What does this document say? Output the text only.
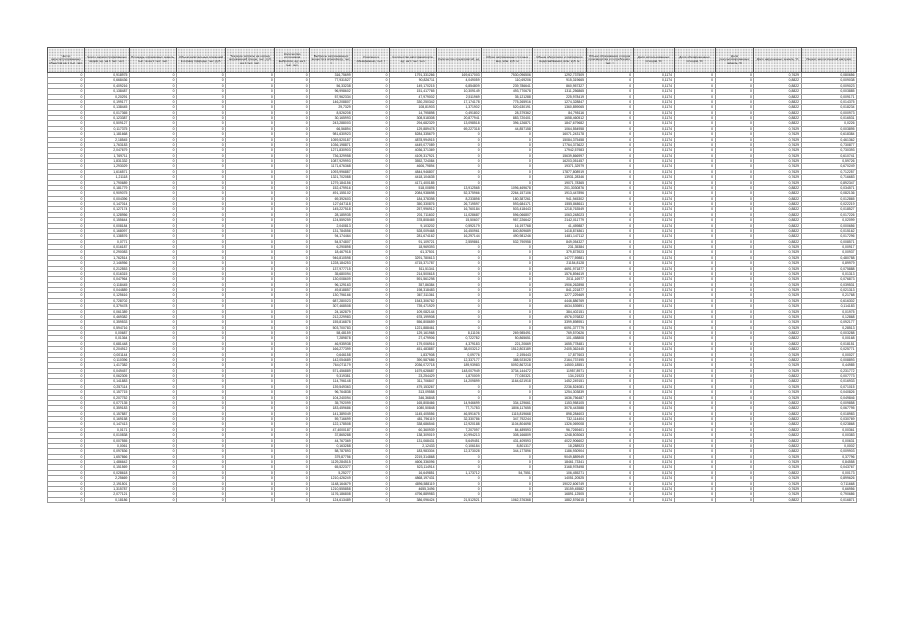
Число зарегистрированных объектов на 1 тыс. чел.	Число зарегистрированных видов, ед. на 1 тыс. чел.	Площадь охраняемых земель, тыс. га на 1 тыс. чел.	Объем капитальных вложений в охрану природы, тыс. руб.	Текущие затраты на охрану окружающей среды, тыс. руб. на 1 тыс. чел.	Количество источников выбросов, ед. на 1 тыс. чел.	Выбросы загрязняющих веществ в атмосферу, тыс. т	Уловлено и обезврежено, тыс. т	Количество автотранспорта, ед. на 1 тыс. чел.	Количество предприятий, ед.	Сброс загрязненных сточных вод, млн. куб. м	Объем оборотного и повторного водоснабжения, млн. куб. м	Объем образования отходов производства и потребления, тыс. т	Доля использованных отходов, %	Доля обезвреженных отходов, %	Доля рекультивированных земель, %	Доля нарушенных земель, %	Индекс экологической нагрузки
0	0,918975	0	0	0	0	316,75699	0	1791,331266	169,617003	7530,096506	1292,737509	0	0,1174	0	0	0,7629	0,080656
0	0,668436	0	0	0	0	77,931527	0	90,826711	4,049059	110,69206	915,319665	0	0,1174	0	0	0,8822	0,009038
0	0,409216	0	0	0	0	56,33238	0	149,170215	6,854809	239,786641	860,957327	0	0,1174	0	0	0,8822	0,009023
0	0,138487	0	0	0	0	96,998602	0	151,417765	10,309149	493,770678	1311,256865	0	0,1174	0	0	0,8822	0,003885
0	0,20291	0	0	0	0	57,962334	0	47,979002	2,511969	35,121288	225,978419	0	0,1174	0	0	0,8822	0,009171
0	0,199177	0	0	0	0	146,208807	0	330,250342	17,174178	775,265916	1274,328847	0	0,1174	0	0	0,8822	0,014375
0	0,138445	0	0	0	0	29,7329	0	108,81903	1,371902	520,630191	1360,859065	0	0,1174	0	0	0,8822	0,018234
0	0,017365	0	0	0	0	8,526208	0	14,795898	0,491802	28,379362	84,795116	0	0,1174	0	0	0,8822	0,000973
0	0,123387	0	0	0	0	30,165993	0	308,518308	20,877941	883,720401	1658,460512	0	0,1174	0	0	0,8822	0,016531
0	0,509127	0	0	0	0	243,288003	0	294,682329	13,098518	396,126871	1847,679682	0	0,1174	0	0	0,8822	0,0226
0	0,117375	0	0	0	0	66,56894	0	129,889478	69,227318	44,857158	1064,554958	0	0,1174	0	0	0,7629	0,003895
0	1,181668	0	0	0	0	981,630923	0	5284,335679	0	0	16071,243178	0	0,1174	0	0	0,7629	0,618384
0	2,18545	0	0	0	0	1059,520187	0	4878,994915	0	0	15084,375458	0	0,1174	0	0	0,7629	0,461362
0	1,763183	0	0	0	0	1036,198871	0	4449,077089	0	0	17764,373622	0	0,1174	0	0	0,7629	0,730877
0	2,047679	0	0	0	0	1271,830903	0	4036,371369	0	0	17942,57983	0	0,1174	0	0	0,7629	0,730393
0	1,769711	0	0	0	0	736,329958	0	4109,317921	0	0	15639,866997	0	0,1174	0	0	0,7629	0,610741
0	1,831332	0	0	0	0	1087,929993	0	3552,724084	0	0	16203,051457	0	0,1174	0	0	0,7629	0,59726
0	1,293029	0	0	0	0	1171,676368	0	4606,79894	0	0	19371,32979	0	0,1174	0	0	0,7629	0,670249
0	1,616571	0	0	0	0	1093,996887	0	4844,946807	0	0	17877,808919	0	0,1174	0	0	0,7629	0,712257
0	1,21118	0	0	0	0	1321,702088	0	4418,104635	0	0	13931,28346	0	0,1174	0	0	0,7629	0,716683
0	1,790689	0	0	0	0	1279,184156	0	4171,400185	0	0	19071,78365	0	0,1174	0	0	0,7629	0,892347
0	0,181779	0	0	0	0	152,479916	0	518,00895	13,912565	1096,469678	201,3030876	0	0,1174	0	0	0,8822	0,034571
0	0,909075	0	0	0	0	491,155102	0	2084,938698	52,375966	2264,157106	1913,447896	0	0,1174	0	0	0,8822	0,082136
0	0,004396	0	0	0	0	69,392603	0	184,378398	8,233898	180,387261	941,945302	0	0,1174	0	0	0,8822	0,012865
0	0,147014	0	0	0	0	127,647118	0	350,330876	26,719597	593,684171	1555,868611	0	0,1174	0	0	0,8822	0,022219
0	0,127174	0	0	0	0	145,227518	0	257,996912	16,760184	503,418443	1218,763549	0	0,1174	0	0	0,8822	0,018527
0	0,128956	0	0	0	0	28,185935	0	201,711602	11,028687	596,066807	1063,248023	0	0,1174	0	0	0,8822	0,017226
0	0,155644	0	0	0	0	124,559259	0	378,808465	15,50607	957,226642	2142,011779	0	0,1174	0	0	0,8822	0,02099
0	0,008184	0	0	0	0	2,040813	0	9,103202	0,592179	16,197768	41,459887	0	0,1174	0	0	0,8822	0,000656
0	0,168097	0	0	0	0	131,784556	0	528,009468	16,450961	840,809689	1418,874861	0	0,1174	0	0	0,8822	0,015162
0	0,138576	0	0	0	0	94,174464	0	281,674162	16,297144	490,981246	1481,147112	0	0,1174	0	0	0,8822	0,017296
0	0,0771	0	0	0	0	54,574807	0	91,109721	2,559861	532,790958	849,054327	0	0,1174	0	0	0,8822	0,008571
0	0,016187	0	0	0	0	6,290898	0	18,969393	0	0	231,35384	0	0,1174	0	0	0,7629	0,00917
0	0,290083	0	0	0	0	18,467918	0	61,37501	0	0	379,873923	0	0,1174	0	0	0,7629	0,00937
0	1,762514	0	0	0	0	946,810598	0	3291,780613	0	0	14777,59881	0	0,1174	0	0	0,7629	0,480788
0	2,146956	0	0	0	0	1228,184253	0	4715,371787	0	0	21154,8128	0	0,1174	0	0	0,7629	0,89979
0	0,212553	0	0	0	0	137,977715	0	511,51341	0	0	4691,971877	0	0,1174	0	0	0,7629	0,075888
0	0,016315	0	0	0	0	35,680094	0	214,500618	0	0	1576,894619	0	0,1174	0	0	0,7629	0,01313
0	0,047964	0	0	0	0	130,008609	0	591,561298	0	0	2011,16977	0	0,1174	0	0	0,7629	0,076873
0	0,118445	0	0	0	0	96,129163	0	357,86384	0	0	1906,262898	0	0,1174	0	0	0,7629	0,039531
0	0,044889	0	0	0	0	49,818857	0	198,318483	0	0	841,221877	0	0,1174	0	0	0,7629	0,021313
0	0,125616	0	0	0	0	130,796166	0	367,311361	0	0	1277,229469	0	0,1174	0	0	0,7629	0,21768
0	0,728702	0	0	0	0	687,280023	0	1543,306762	0	0	4446,886769	0	0,1174	0	0	0,7629	0,616302
0	0,379478	0	0	0	0	307,468508	0	739,471929	0	0	4634,539891	0	0,1174	0	0	0,7629	0,114183
0	0,061389	0	0	0	0	24,162879	0	109,082144	0	0	384,402151	0	0,1174	0	0	0,7629	0,01975
0	0,469382	0	0	0	0	212,229983	0	678,199908	0	0	4976,076832	0	0,1174	0	0	0,7629	0,12868
0	0,359533	0	0	0	0	155,816878	0	556,808659	0	0	3399,898951	0	0,1174	0	0	0,7629	0,092177
0	0,594716	0	0	0	0	503,700783	0	1221,888461	0	0	6091,377779	0	0,1174	0	0	0,7629	0,28513
0	0,00687	0	0	0	0	58,48159	0	129,161968	8,11106	269,985491	769,570626	0	0,1174	0	0	0,8822	0,003288
0	0,01364	0	0	0	0	7,289878	0	27,479906	0,722782	50,865651	101,458808	0	0,1174	0	0	0,8822	0,00168
0	0,681448	0	0	0	0	46,935938	0	179,006916	4,379183	221,20669	1655,778481	0	0,1174	0	0	0,8822	0,018151
0	0,204912	0	0	0	0	166,277399	0	451,483887	38,003212	1512,803189	2405,362445	0	0,1174	0	0	0,8822	0,025771
0	0,001144	0	0	0	0	0,646158	0	1,837908	0,09776	2,195443	17,877603	0	0,1174	0	0	0,7629	0,00027
0	0,110396	0	0	0	0	142,054689	0	390,587686	12,337177	388,923028	2164,737495	0	0,1174	0	0	0,8822	0,008893
0	1,417382	0	0	0	0	764,071179	0	2036,072718	189,93983	5092,867218	14500,18551	0	0,1174	0	0	0,7629	0,44985
0	0,049457	0	0	0	0	571,456889	0	1679,628687	148,007949	3734,144472	11957,8971	0	0,1174	0	0	0,7629	0,231772
0	0,062305	0	0	0	0	9,319381	0	23,254429	1,870009	77,030321	134,21923	0	0,1174	0	0	0,8822	0,007773
0	0,141883	0	0	0	0	114,796148	0	311,706847	14,209899	1164,621918	1452,249151	0	0,1174	0	0	0,8822	0,016933
0	0,257114	0	0	0	0	139,549363	0	479,153267	0	0	2236,524081	0	0,1174	0	0	0,7629	0,071015
0	0,157715	0	0	0	0	96,764838	0	313,09558	0	0	1254,303839	0	0,1174	0	0	0,7629	0,040826
0	0,207752	0	0	0	0	104,240094	0	346,36848	0	0	1636,756487	0	0,1174	0	0	0,7629	0,049846
0	0,077135	0	0	0	0	35,792099	0	165,808466	14,946699	334,129661	1153,958105	0	0,1174	0	0	0,8822	0,009858
0	0,359183	0	0	0	0	183,459686	0	1080,50848	77,71783	1806,117655	3078,443588	0	0,1174	0	0	0,8822	0,067795
0	0,157887	0	0	0	0	141,389049	0	1145,405556	46,591675	1115,819668	898,284603	0	0,1174	0	0	0,8822	0,018983
0	0,169158	0	0	0	0	59,716699	0	481,796119	32,330786	347,792244	732,114404	0	0,1174	0	0	0,8822	0,030769
0	0,147413	0	0	0	0	122,178508	0	338,686546	12,920188	1104,804698	1326,069008	0	0,1174	0	0	0,8822	0,023868
0	0,0171	0	0	0	0	47,4000187	0	60,360939	7,207097	84,489593	96,7269401	0	0,1174	0	0	0,8822	0,00361
0	0,010838	0	0	0	0	37,865288	0	138,309019	10,994213	308,166809	1248,503063	0	0,1174	0	0	0,8822	0,00383
0	0,007555	0	0	0	0	44,767369	0	131,068431	5,649451	431,409593	4022,906602	0	0,1174	0	0	0,8822	0,00631
0	0,0061	0	0	0	0	0,163288	0	2,12433	0,106184	8,801317	18,288923	0	0,1174	0	0	0,8822	0,0002
0	0,097836	0	0	0	0	58,787893	0	183,983304	12,373028	344,177896	1186,930904	0	0,1174	0	0	0,8822	0,009903
0	1,657866	0	0	0	0	379,87756	0	2219,314868	0	0	9049,889949	0	0,1174	0	0	0,7629	0,37796
0	1,486642	0	0	0	0	1129,284515	0	4606,336096	0	0	18461,73341	0	0,1174	0	0	0,7629	0,84558
0	0,151569	0	0	0	0	65,522377	0	523,114914	0	0	3168,978498	0	0,1174	0	0	0,7629	0,043767
0	0,028618	0	0	0	0	5,25277	0	16,649851	1,173712	54,7551	106,455271	0	0,1174	0	0	0,8822	0,00173
0	2,25669	0	0	0	0	1210,426249	0	4868,197431	0	0	14051,20525	0	0,1174	0	0	0,7629	0,899626
0	2,191501	0	0	0	0	1148,164679	0	4896,588119	0	0	19022,606749	0	0,1174	0	0	0,7629	0,711668
0	1,315787	0	0	0	0	1210,555858	0	4655,3496	0	0	15159,45582	0	0,1174	0	0	0,7629	0,66956
0	2,077121	0	0	0	0	1176,186808	0	4796,889983	0	0	16891,12505	0	0,1174	0	0	0,7629	0,790686
0	0,18186	0	0	0	0	124,613489	0	386,096424	21,512521	1062,376368	1882,576615	0	0,1174	0	0	0,8822	0,016871
